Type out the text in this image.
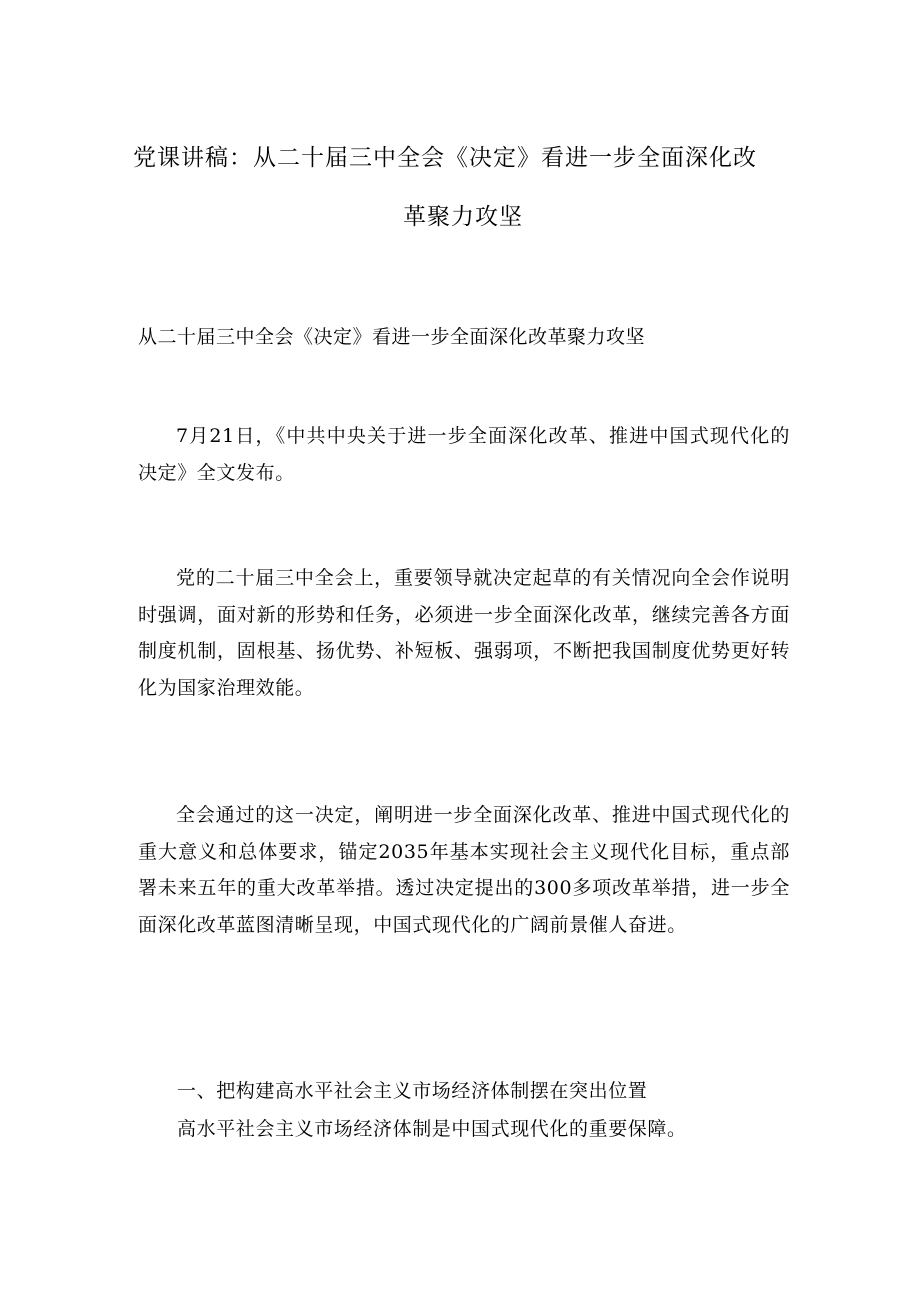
党课讲稿：从二十届三中全会《决定》看进一步全面深化改
革聚力攻坚
从二十届三中全会《决定》看进一步全面深化改革聚力攻坚
7月21日，《中共中央关于进一步全面深化改革、推进中国式现代化的决定》全文发布。
党的二十届三中全会上，重要领导就决定起草的有关情况向全会作说明时强调，面对新的形势和任务，必须进一步全面深化改革，继续完善各方面制度机制，固根基、扬优势、补短板、强弱项，不断把我国制度优势更好转化为国家治理效能。
全会通过的这一决定，阐明进一步全面深化改革、推进中国式现代化的重大意义和总体要求，锚定2035年基本实现社会主义现代化目标，重点部署未来五年的重大改革举措。透过决定提出的300多项改革举措，进一步全面深化改革蓝图清晰呈现，中国式现代化的广阔前景催人奋进。
一、把构建高水平社会主义市场经济体制摆在突出位置
高水平社会主义市场经济体制是中国式现代化的重要保障。
